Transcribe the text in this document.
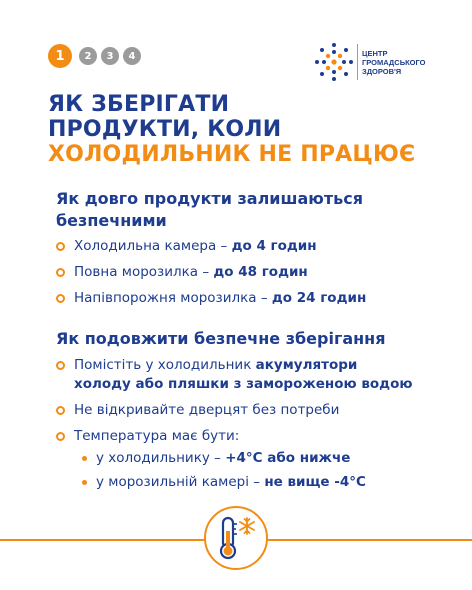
1	2	3	4	ЦЕНТР
ГРОМАДСЬКОГО
ЗДОРОВ'Я
ЯК ЗБЕРІГАТИ
ПРОДУКТИ, КОЛИ
ХОЛОДИЛЬНИК НЕ ПРАЦЮЄ
Як довго продукти залишаються
безпечними
Холодильна камера – до 4 годин
Повна морозилка – до 48 годин
Напівпорожня морозилка – до 24 годин
Як подовжити безпечне зберігання
Помістіть у холодильник акумулятори
холоду або пляшки з замороженою водою
Не відкривайте дверцят без потреби
Температура має бути:
у холодильнику – +4°С або нижче
у морозильній камері – не вище -4°С
